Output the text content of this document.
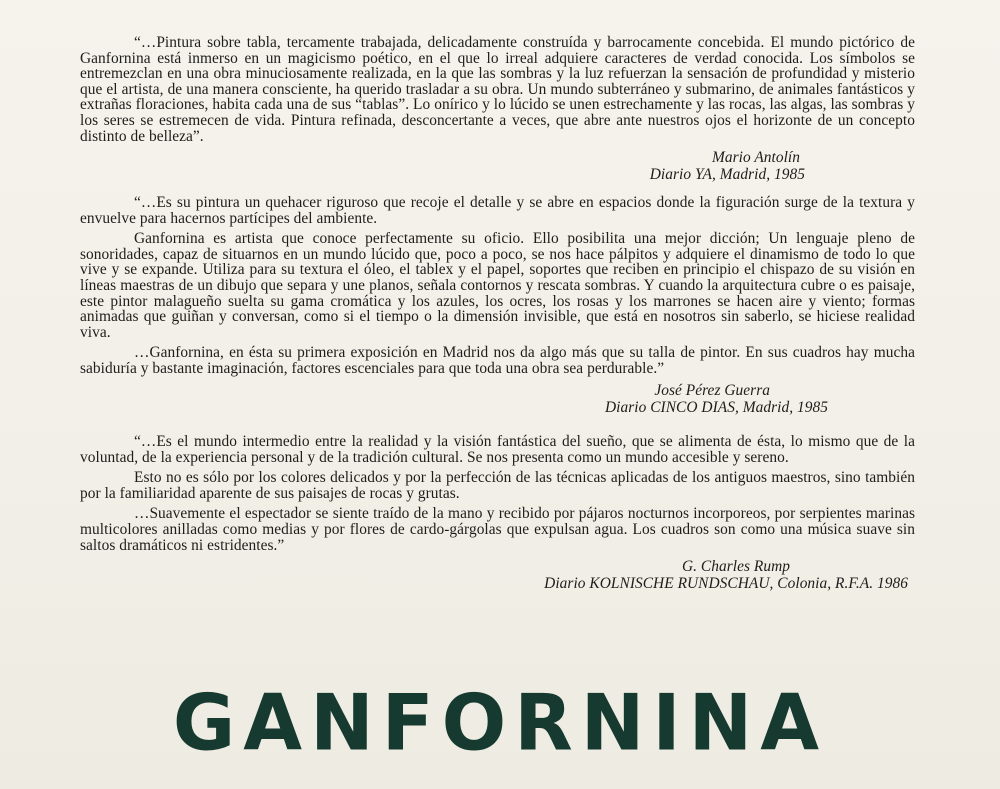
“…Pintura sobre tabla, tercamente trabajada, delicadamente construída y barrocamente concebida. El mundo pictórico de Ganfornina está inmerso en un magicismo poético, en el que lo irreal adquiere caracteres de verdad conocida. Los símbolos se entremezclan en una obra minuciosamente realizada, en la que las sombras y la luz refuerzan la sensación de profundidad y misterio que el artista, de una manera consciente, ha querido trasladar a su obra. Un mundo subterráneo y submarino, de animales fantásticos y extrañas floraciones, habita cada una de sus “tablas”. Lo onírico y lo lúcido se unen estrechamente y las rocas, las algas, las sombras y los seres se estremecen de vida. Pintura refinada, desconcertante a veces, que abre ante nuestros ojos el horizonte de un concepto distinto de belleza”.

Mario Antolín
Diario YA, Madrid, 1985

“…Es su pintura un quehacer riguroso que recoje el detalle y se abre en espacios donde la figuración surge de la textura y envuelve para hacernos partícipes del ambiente.

Ganfornina es artista que conoce perfectamente su oficio. Ello posibilita una mejor dicción; Un lenguaje pleno de sonoridades, capaz de situarnos en un mundo lúcido que, poco a poco, se nos hace pálpitos y adquiere el dinamismo de todo lo que vive y se expande. Utiliza para su textura el óleo, el tablex y el papel, soportes que reciben en principio el chispazo de su visión en líneas maestras de un dibujo que separa y une planos, señala contornos y rescata sombras. Y cuando la arquitectura cubre o es paisaje, este pintor malagueño suelta su gama cromática y los azules, los ocres, los rosas y los marrones se hacen aire y viento; formas animadas que guiñan y conversan, como si el tiempo o la dimensión invisible, que está en nosotros sin saberlo, se hiciese realidad viva.

…Ganfornina, en ésta su primera exposición en Madrid nos da algo más que su talla de pintor. En sus cuadros hay mucha sabiduría y bastante imaginación, factores escenciales para que toda una obra sea perdurable.”

José Pérez Guerra
Diario CINCO DIAS, Madrid, 1985

“…Es el mundo intermedio entre la realidad y la visión fantástica del sueño, que se alimenta de ésta, lo mismo que de la voluntad, de la experiencia personal y de la tradición cultural. Se nos presenta como un mundo accesible y sereno.

Esto no es sólo por los colores delicados y por la perfección de las técnicas aplicadas de los antiguos maestros, sino también por la familiaridad aparente de sus paisajes de rocas y grutas.

…Suavemente el espectador se siente traído de la mano y recibido por pájaros nocturnos incorporeos, por serpientes marinas multicolores anilladas como medias y por flores de cardo-gárgolas que expulsan agua. Los cuadros son como una música suave sin saltos dramáticos ni estridentes.”

G. Charles Rump
Diario KOLNISCHE RUNDSCHAU, Colonia, R.F.A. 1986
GANFORNINA
